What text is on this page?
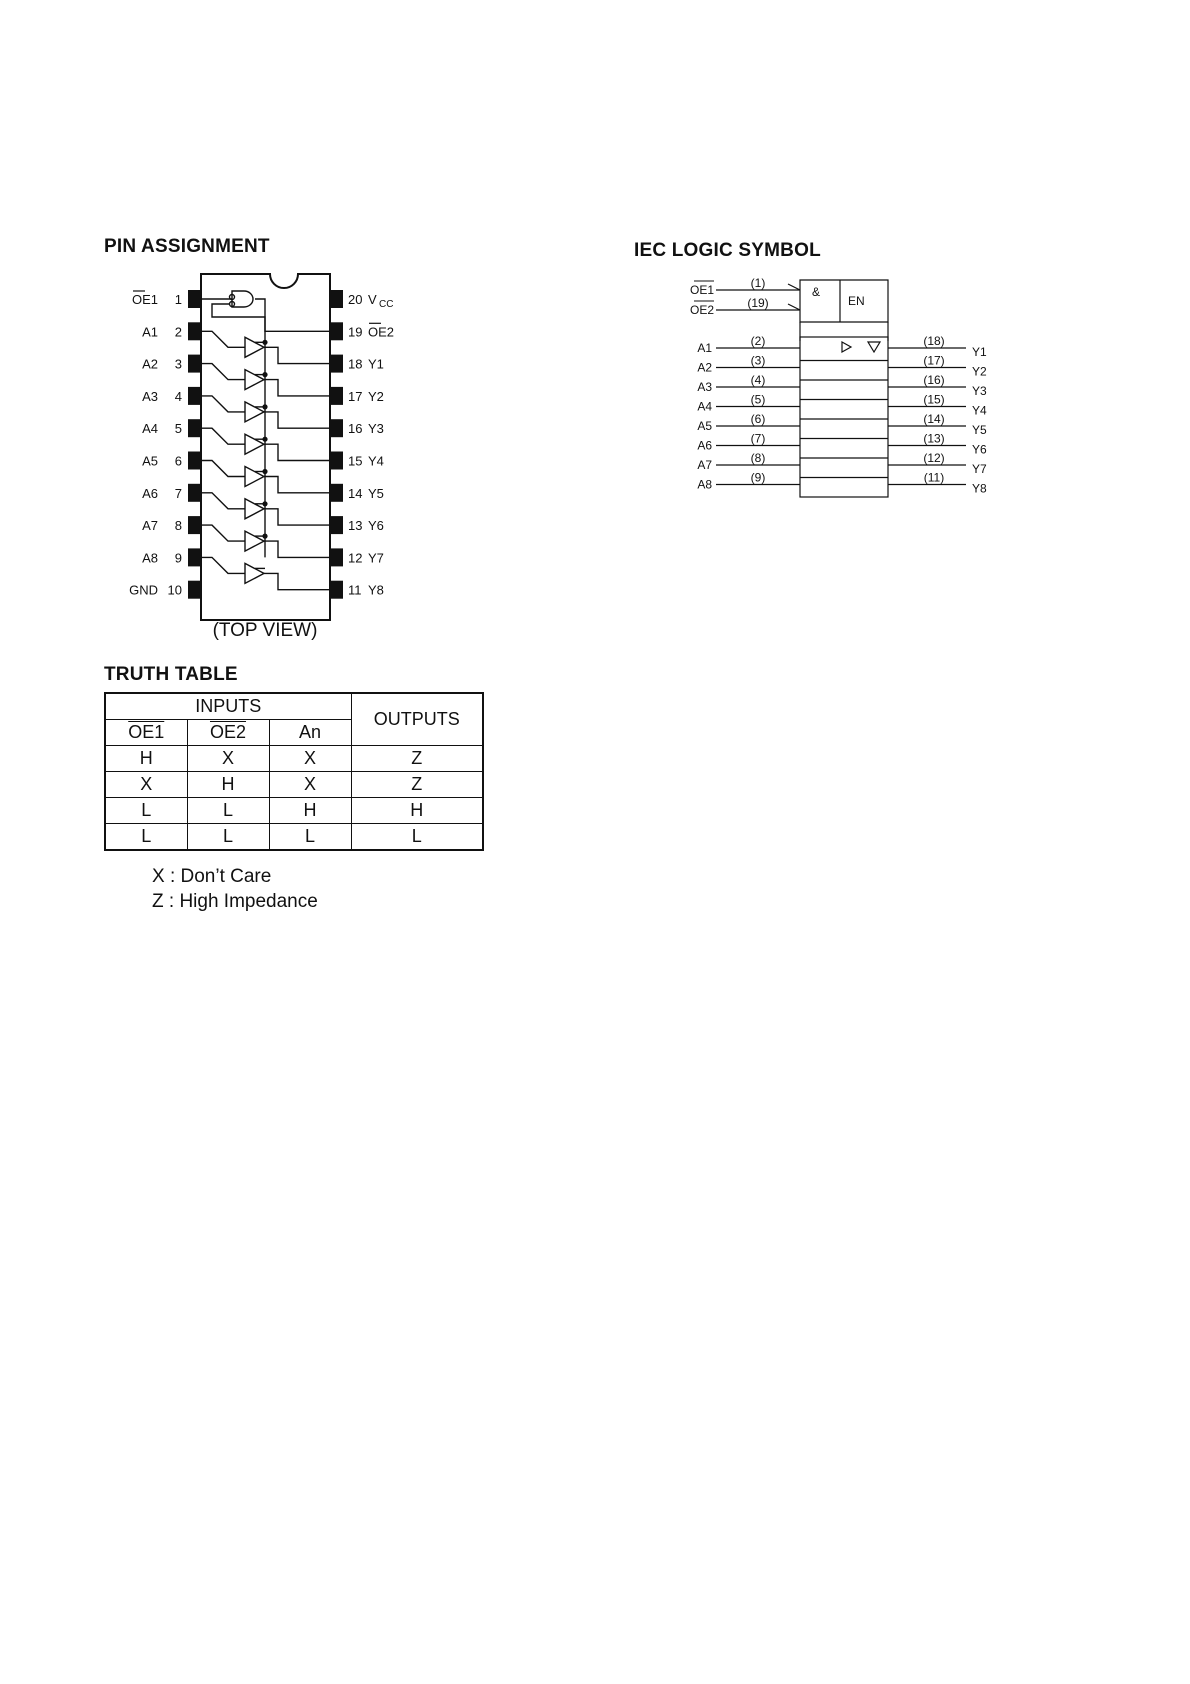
PIN ASSIGNMENT	IEC LOGIC SYMBOL
1
OE1
2
A1
3
A2
4
A3
5
A4
6
A5
7
A6
8
A7
9
A8
10
GND
20 V CC
19 OE2
18 Y1
17 Y2
16 Y3
15 Y4
14 Y5
13 Y6
12 Y7
11 Y8
(TOP VIEW)
&
EN
OE1	(1)
OE2	(19)
A1	(2)
A2	(3)
A3	(4)
A4	(5)
A5	(6)
A6	(7)
A7	(8)
A8	(9)
Y1
(18)
Y2
(17)
Y3
(16)
Y4
(15)
Y5
(14)
Y6
(13)
Y7
(12)
Y8
(11)
TRUTH TABLE
INPUTS			OUTPUTS
OE1	OE2	An	
H	X	X	Z
X	H	X	Z
L	L	H	H
L	L	L	L
X : Don’t Care
Z : High Impedance
